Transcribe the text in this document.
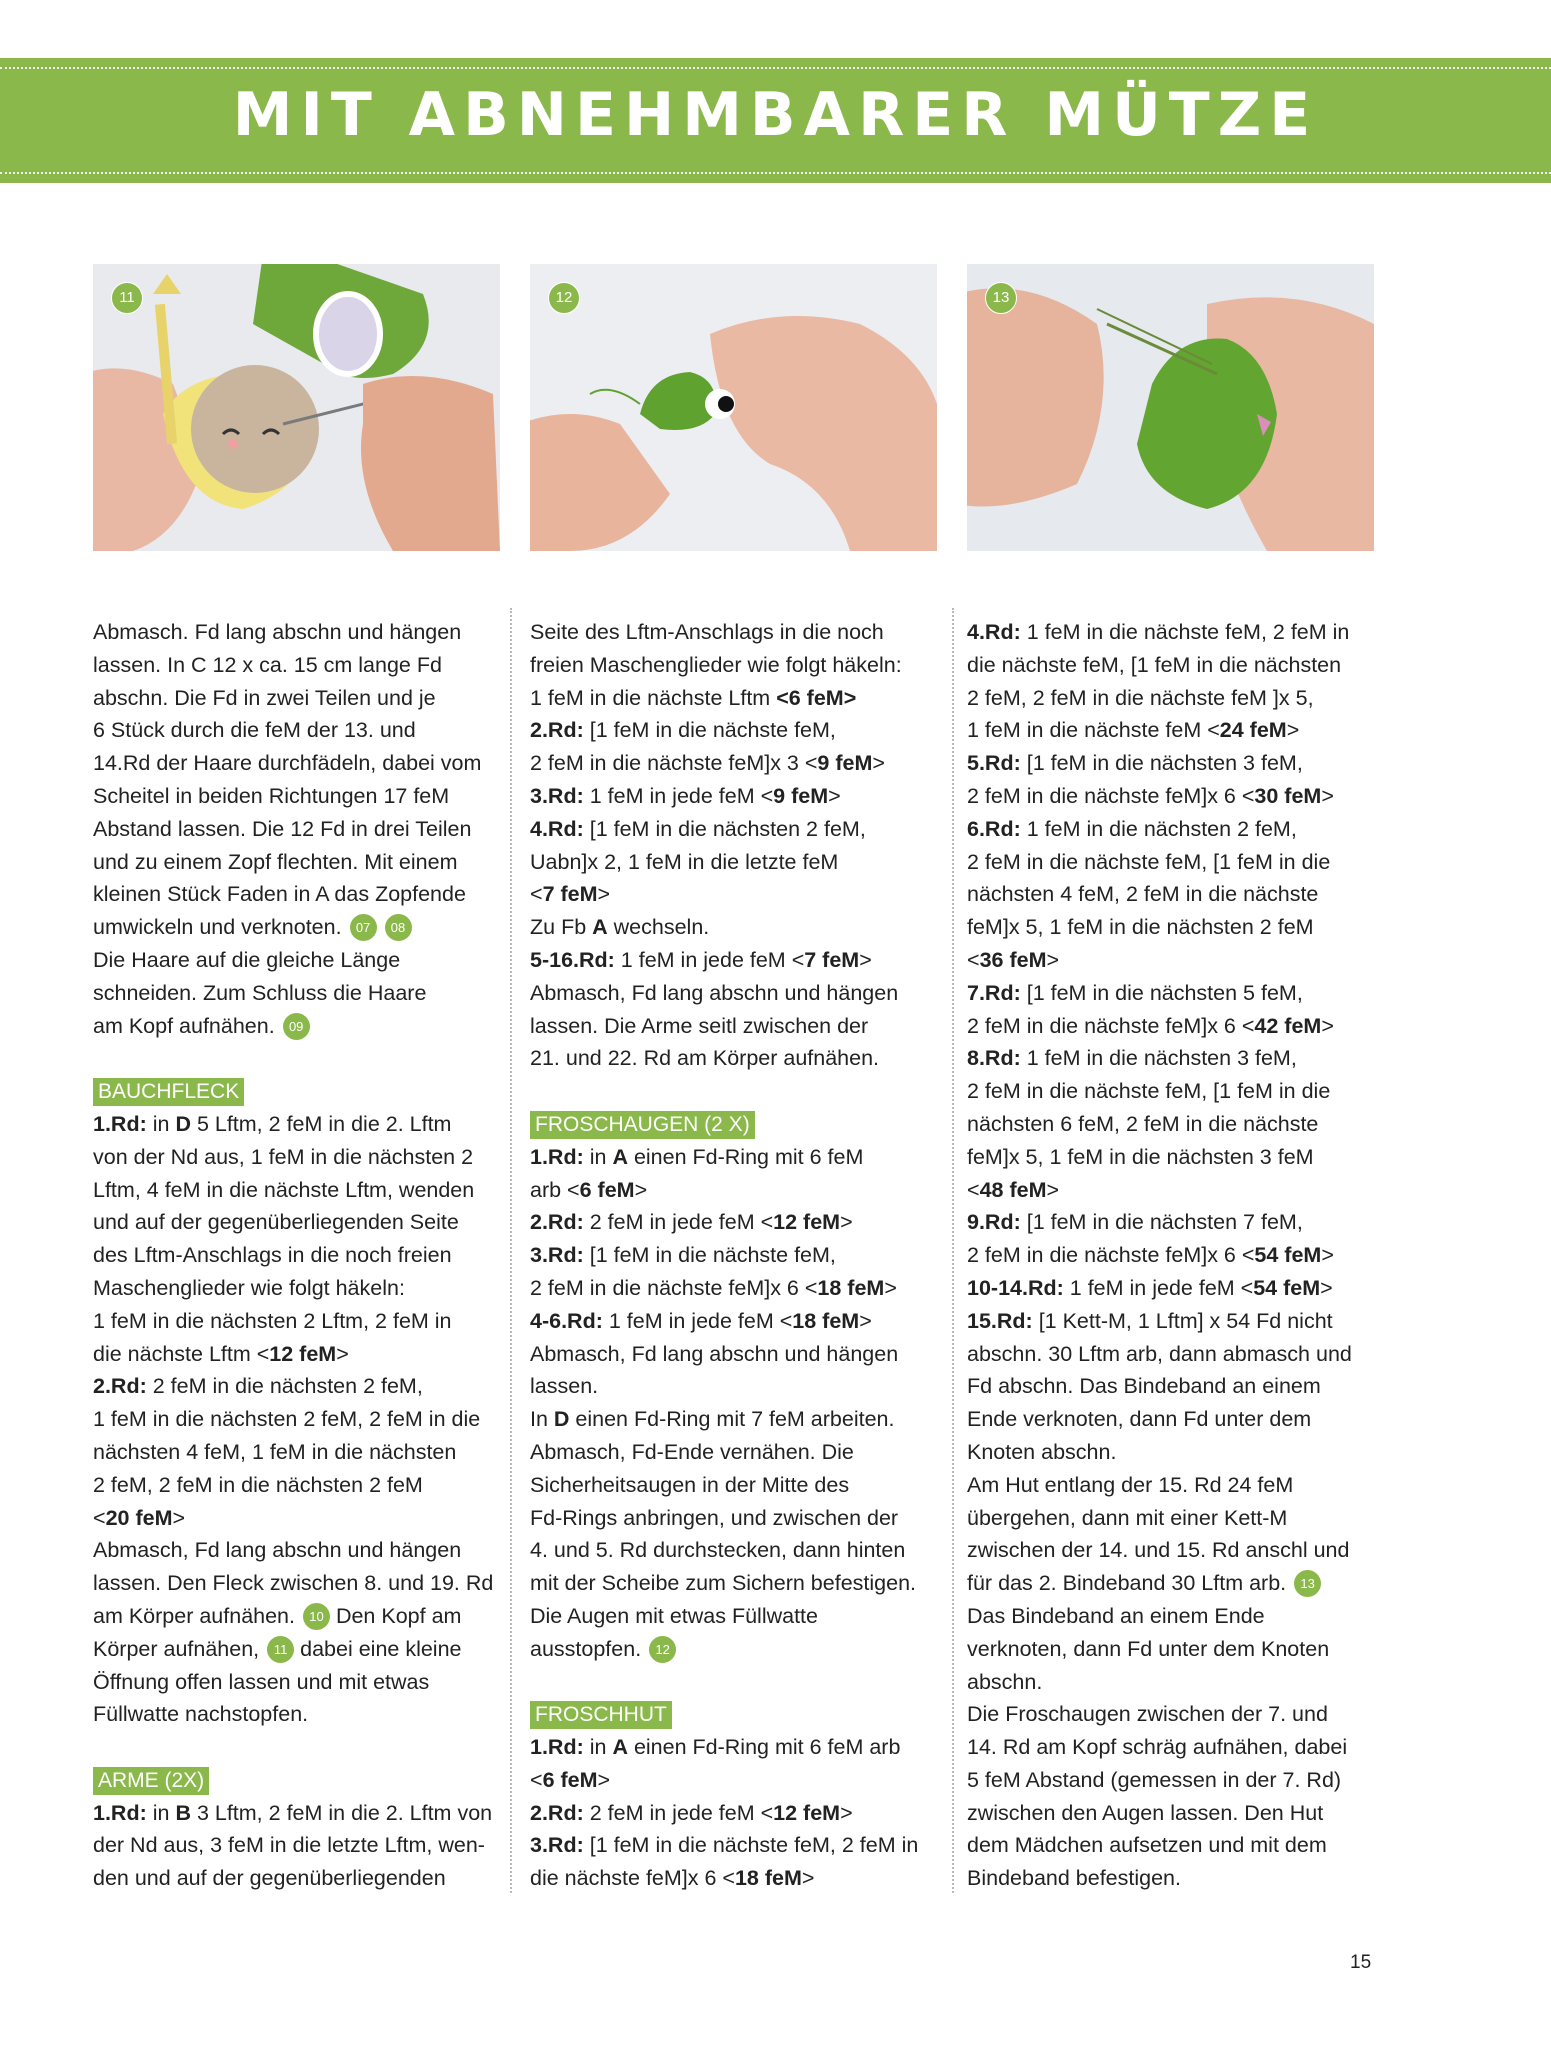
MIT ABNEHMBARER MÜTZE
11	12	13

Abmasch. Fd lang abschn und hängen

lassen. In C 12 x ca. 15 cm lange Fd

abschn. Die Fd in zwei Teilen und je

6 Stück durch die feM der 13. und

14.Rd der Haare durchfädeln, dabei vom

Scheitel in beiden Richtungen 17 feM

Abstand lassen. Die 12 Fd in drei Teilen

und zu einem Zopf flechten. Mit einem

kleinen Stück Faden in A das Zopfende

umwickeln und verknoten. 07 08

Die Haare auf die gleiche Länge

schneiden. Zum Schluss die Haare

am Kopf aufnähen. 09

BAUCHFLECK

1.Rd: in D 5 Lftm, 2 feM in die 2. Lftm

von der Nd aus, 1 feM in die nächsten 2

Lftm, 4 feM in die nächste Lftm, wenden

und auf der gegenüberliegenden Seite

des Lftm-Anschlags in die noch freien

Maschenglieder wie folgt häkeln:

1 feM in die nächsten 2 Lftm, 2 feM in

die nächste Lftm <12 feM>

2.Rd: 2 feM in die nächsten 2 feM,

1 feM in die nächsten 2 feM, 2 feM in die

nächsten 4 feM, 1 feM in die nächsten

2 feM, 2 feM in die nächsten 2 feM

<20 feM>

Abmasch, Fd lang abschn und hängen

lassen. Den Fleck zwischen 8. und 19. Rd

am Körper aufnähen. 10 Den Kopf am

Körper aufnähen, 11 dabei eine kleine

Öffnung offen lassen und mit etwas

Füllwatte nachstopfen.

ARME (2X)

1.Rd: in B 3 Lftm, 2 feM in die 2. Lftm von

der Nd aus, 3 feM in die letzte Lftm, wen-

den und auf der gegenüberliegenden

Seite des Lftm-Anschlags in die noch

freien Maschenglieder wie folgt häkeln:

1 feM in die nächste Lftm <6 feM>

2.Rd: [1 feM in die nächste feM,

2 feM in die nächste feM]x 3 <9 feM>

3.Rd: 1 feM in jede feM <9 feM>

4.Rd: [1 feM in die nächsten 2 feM,

Uabn]x 2, 1 feM in die letzte feM

<7 feM>

Zu Fb A wechseln.

5-16.Rd: 1 feM in jede feM <7 feM>

Abmasch, Fd lang abschn und hängen

lassen. Die Arme seitl zwischen der

21. und 22. Rd am Körper aufnähen.

FROSCHAUGEN (2 X)

1.Rd: in A einen Fd-Ring mit 6 feM

arb <6 feM>

2.Rd: 2 feM in jede feM <12 feM>

3.Rd: [1 feM in die nächste feM,

2 feM in die nächste feM]x 6 <18 feM>

4-6.Rd: 1 feM in jede feM <18 feM>

Abmasch, Fd lang abschn und hängen

lassen.

In D einen Fd-Ring mit 7 feM arbeiten.

Abmasch, Fd-Ende vernähen. Die

Sicherheitsaugen in der Mitte des

Fd-Rings anbringen, und zwischen der

4. und 5. Rd durchstecken, dann hinten

mit der Scheibe zum Sichern befestigen.

Die Augen mit etwas Füllwatte

ausstopfen. 12

FROSCHHUT

1.Rd: in A einen Fd-Ring mit 6 feM arb

<6 feM>

2.Rd: 2 feM in jede feM <12 feM>

3.Rd: [1 feM in die nächste feM, 2 feM in

die nächste feM]x 6 <18 feM>

4.Rd: 1 feM in die nächste feM, 2 feM in

die nächste feM, [1 feM in die nächsten

2 feM, 2 feM in die nächste feM ]x 5,

1 feM in die nächste feM <24 feM>

5.Rd: [1 feM in die nächsten 3 feM,

2 feM in die nächste feM]x 6 <30 feM>

6.Rd: 1 feM in die nächsten 2 feM,

2 feM in die nächste feM, [1 feM in die

nächsten 4 feM, 2 feM in die nächste

feM]x 5, 1 feM in die nächsten 2 feM

<36 feM>

7.Rd: [1 feM in die nächsten 5 feM,

2 feM in die nächste feM]x 6 <42 feM>

8.Rd: 1 feM in die nächsten 3 feM,

2 feM in die nächste feM, [1 feM in die

nächsten 6 feM, 2 feM in die nächste

feM]x 5, 1 feM in die nächsten 3 feM

<48 feM>

9.Rd: [1 feM in die nächsten 7 feM,

2 feM in die nächste feM]x 6 <54 feM>

10-14.Rd: 1 feM in jede feM <54 feM>

15.Rd: [1 Kett-M, 1 Lftm] x 54 Fd nicht

abschn. 30 Lftm arb, dann abmasch und

Fd abschn. Das Bindeband an einem

Ende verknoten, dann Fd unter dem

Knoten abschn.

Am Hut entlang der 15. Rd 24 feM

übergehen, dann mit einer Kett-M

zwischen der 14. und 15. Rd anschl und

für das 2. Bindeband 30 Lftm arb. 13

Das Bindeband an einem Ende

verknoten, dann Fd unter dem Knoten

abschn.

Die Froschaugen zwischen der 7. und

14. Rd am Kopf schräg aufnähen, dabei

5 feM Abstand (gemessen in der 7. Rd)

zwischen den Augen lassen. Den Hut

dem Mädchen aufsetzen und mit dem

Bindeband befestigen.

15
